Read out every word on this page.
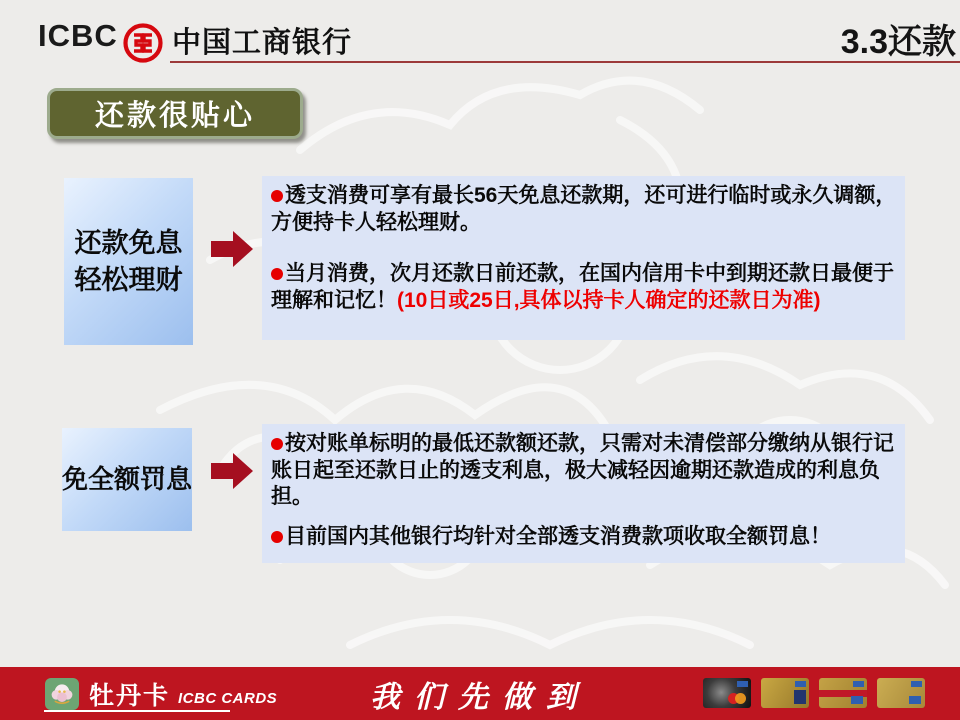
ICBC 中国工商银行	3.3还款
还款很贴心
还款免息
轻松理财

透支消费可享有最长56天免息还款期，还可进行临时或永久调额，方便持卡人轻松理财。

当月消费，次月还款日前还款，在国内信用卡中到期还款日最便于理解和记忆！(10日或25日,具体以持卡人确定的还款日为准)

免全额罚息

按对账单标明的最低还款额还款，只需对未清偿部分缴纳从银行记账日起至还款日止的透支利息，极大减轻因逾期还款造成的利息负担。

目前国内其他银行均针对全部透支消费款项收取全额罚息！

牡丹卡 ICBC CARDS	我们先做到
